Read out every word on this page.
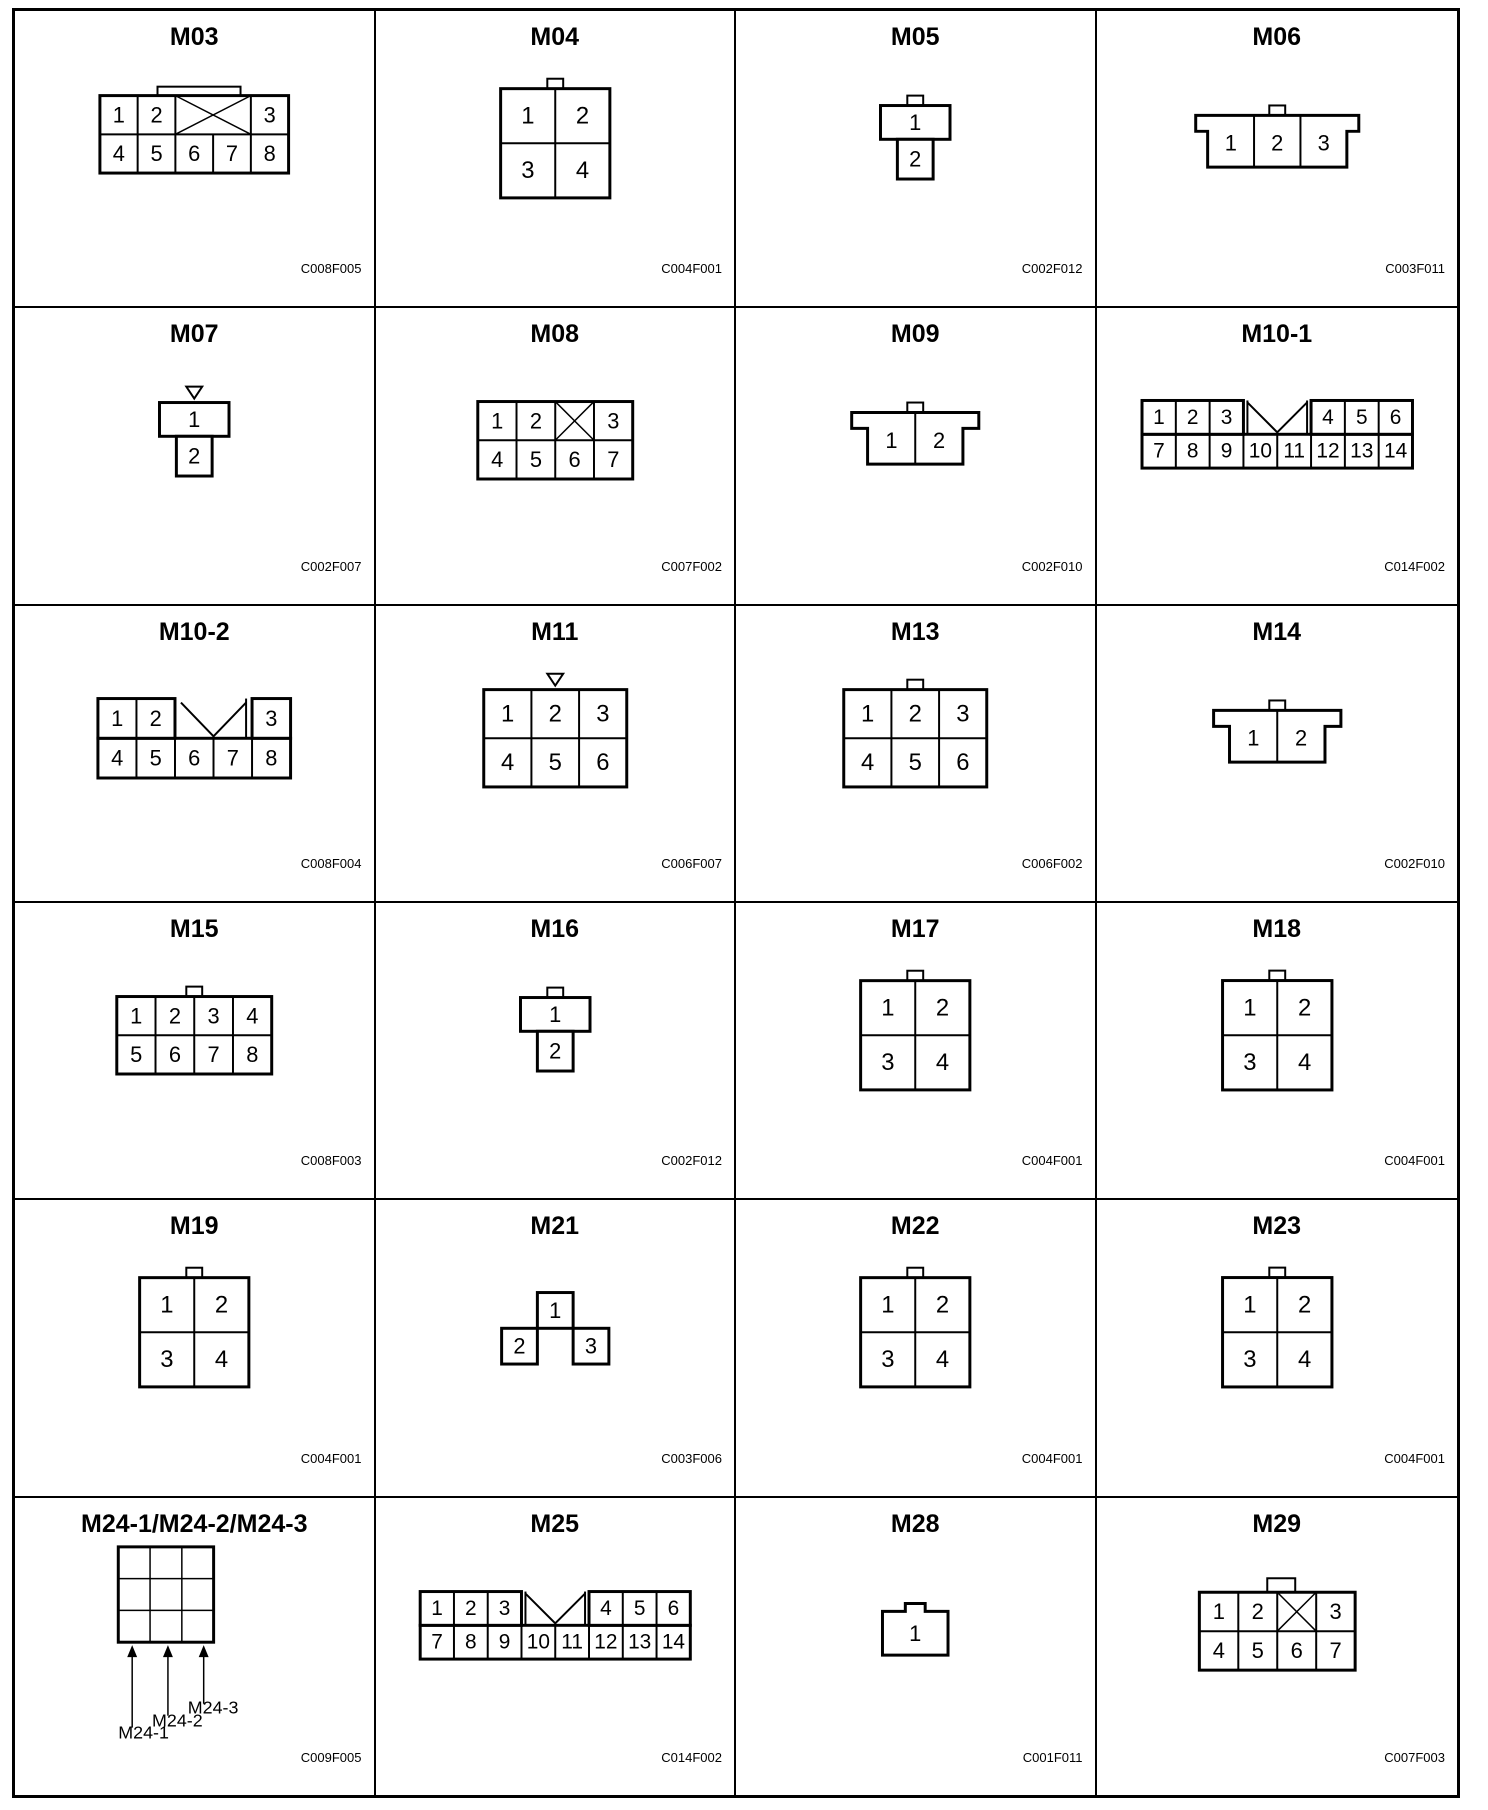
M03
C008F005
1 2	3
4 5 6 7 8
M04
C004F001
1 2
3 4
M05
C002F012
1
2
M06
C003F011
1 2 3
M07
C002F007
1
2
M08
C007F002
1 2	3
4 5 6 7
M09
C002F010
1 2
M10-1
C014F002
1 2 3	4 5 6
7 8 9 10 11 12 13 14
M10-2
C008F004
1 2	3
4 5 6 7 8
M11
C006F007
1 2 3
4 5 6
M13
C006F002
1 2 3
4 5 6
M14
C002F010
1 2
M15
C008F003
1 2 3 4
5 6 7 8
M16
C002F012
1
2
M17
C004F001
1 2
3 4
M18
C004F001
1 2
3 4
M19
C004F001
1 2
3 4
M21
C003F006
1
2	3
M22
C004F001
1 2
3 4
M23
C004F001
1 2
3 4
M24-1/M24-2/M24-3
C009F005
M24-1
M24-2
M24-3
M25
C014F002
1 2 3	4 5 6
7 8 9 10 11 12 13 14
M28
C001F011
1
M29
C007F003
1 2	3
4 5 6 7
